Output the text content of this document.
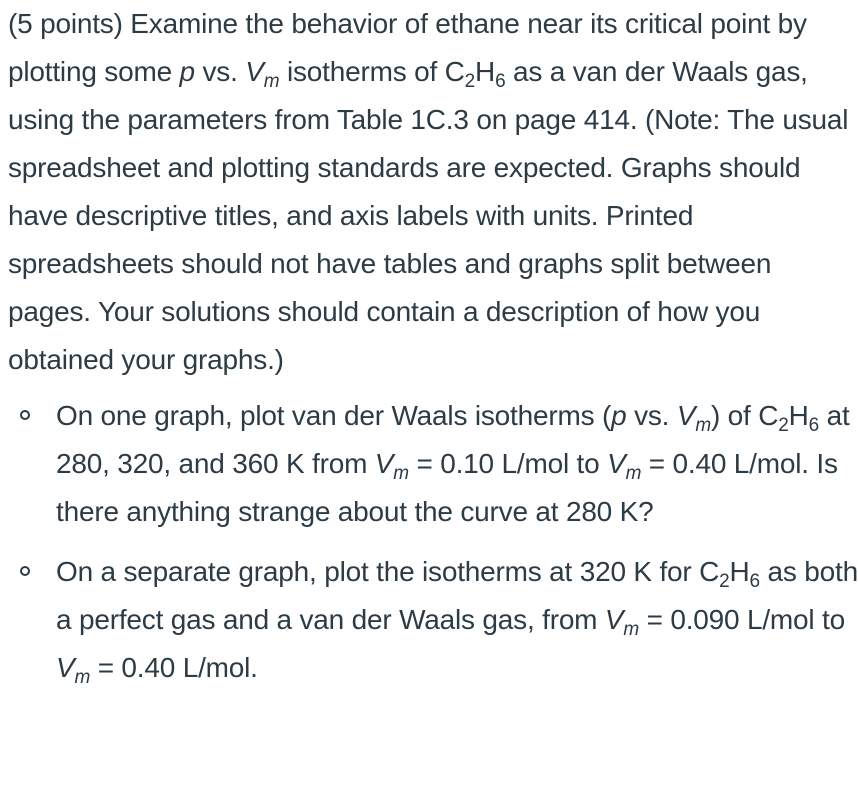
(5 points) Examine the behavior of ethane near its critical point by plotting some p vs. $V_m$ isotherms of $C_2H_6$ as a van der Waals gas, using the parameters from Table 1C.3 on page 414. (Note: The usual spreadsheet and plotting standards are expected. Graphs should have descriptive titles, and axis labels with units. Printed spreadsheets should not have tables and graphs split between pages. Your solutions should contain a description of how you obtained your graphs.)

On one graph, plot van der Waals isotherms (p vs. $V_m$) of $C_2H_6$ at 280, 320, and 360 K from $V_m = 0.10$ L/mol to $V_m = 0.40$ L/mol. Is there anything strange about the curve at 280 K?
On a separate graph, plot the isotherms at 320 K for $C_2H_6$ as both a perfect gas and a van der Waals gas, from $V_m = 0.090$ L/mol to $V_m = 0.40$ L/mol.
